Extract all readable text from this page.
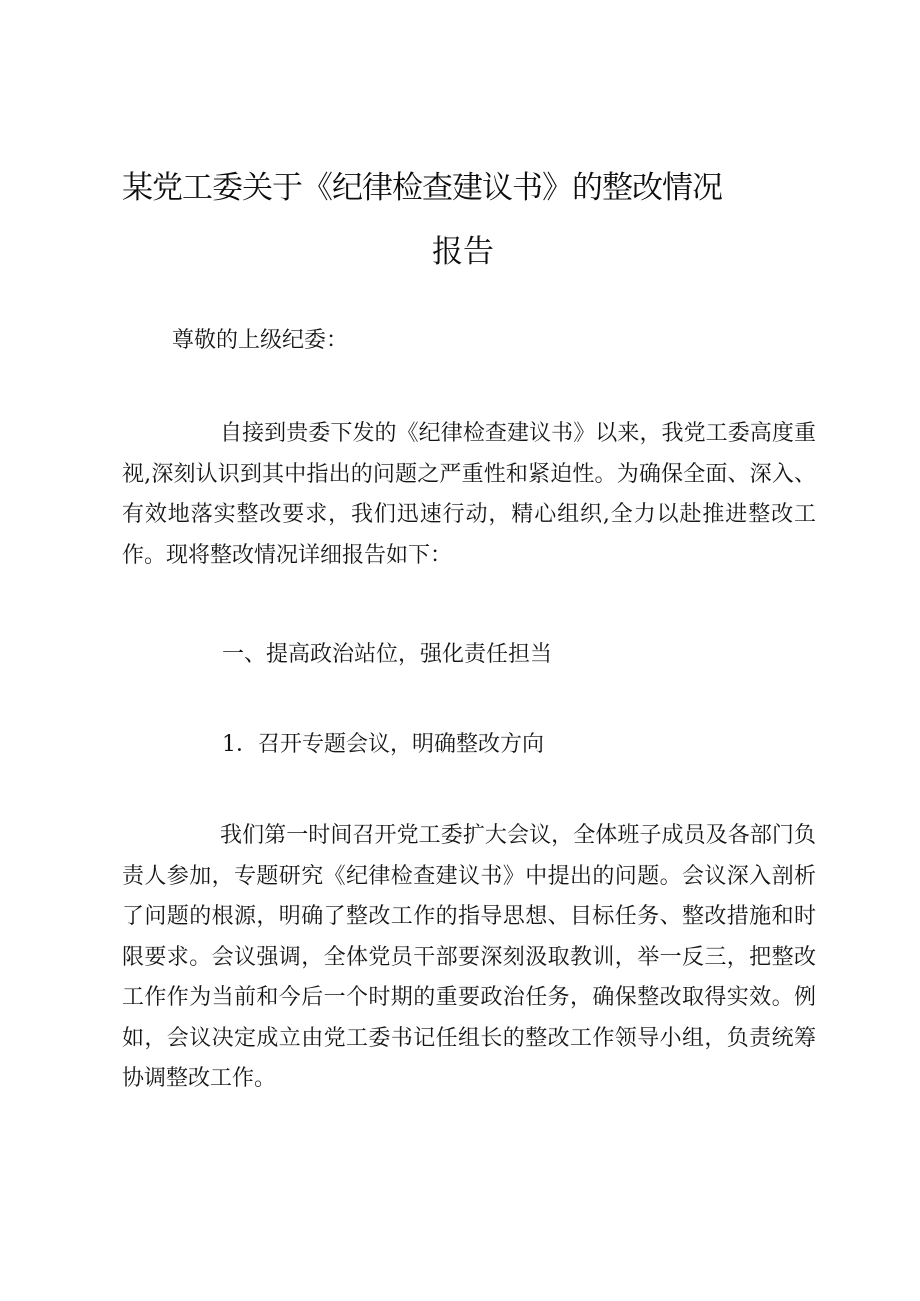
某党工委关于《纪律检查建议书》的整改情况
报告
尊敬的上级纪委：

自接到贵委下发的《纪律检查建议书》以来，我党工委高度重视,深刻认识到其中指出的问题之严重性和紧迫性。为确保全面、深入、有效地落实整改要求，我们迅速行动，精心组织,全力以赴推进整改工作。现将整改情况详细报告如下：

一、提高政治站位，强化责任担当
1．召开专题会议，明确整改方向

我们第一时间召开党工委扩大会议，全体班子成员及各部门负责人参加，专题研究《纪律检查建议书》中提出的问题。会议深入剖析了问题的根源，明确了整改工作的指导思想、目标任务、整改措施和时限要求。会议强调，全体党员干部要深刻汲取教训，举一反三，把整改工作作为当前和今后一个时期的重要政治任务，确保整改取得实效。例如，会议决定成立由党工委书记任组长的整改工作领导小组，负责统筹协调整改工作。
